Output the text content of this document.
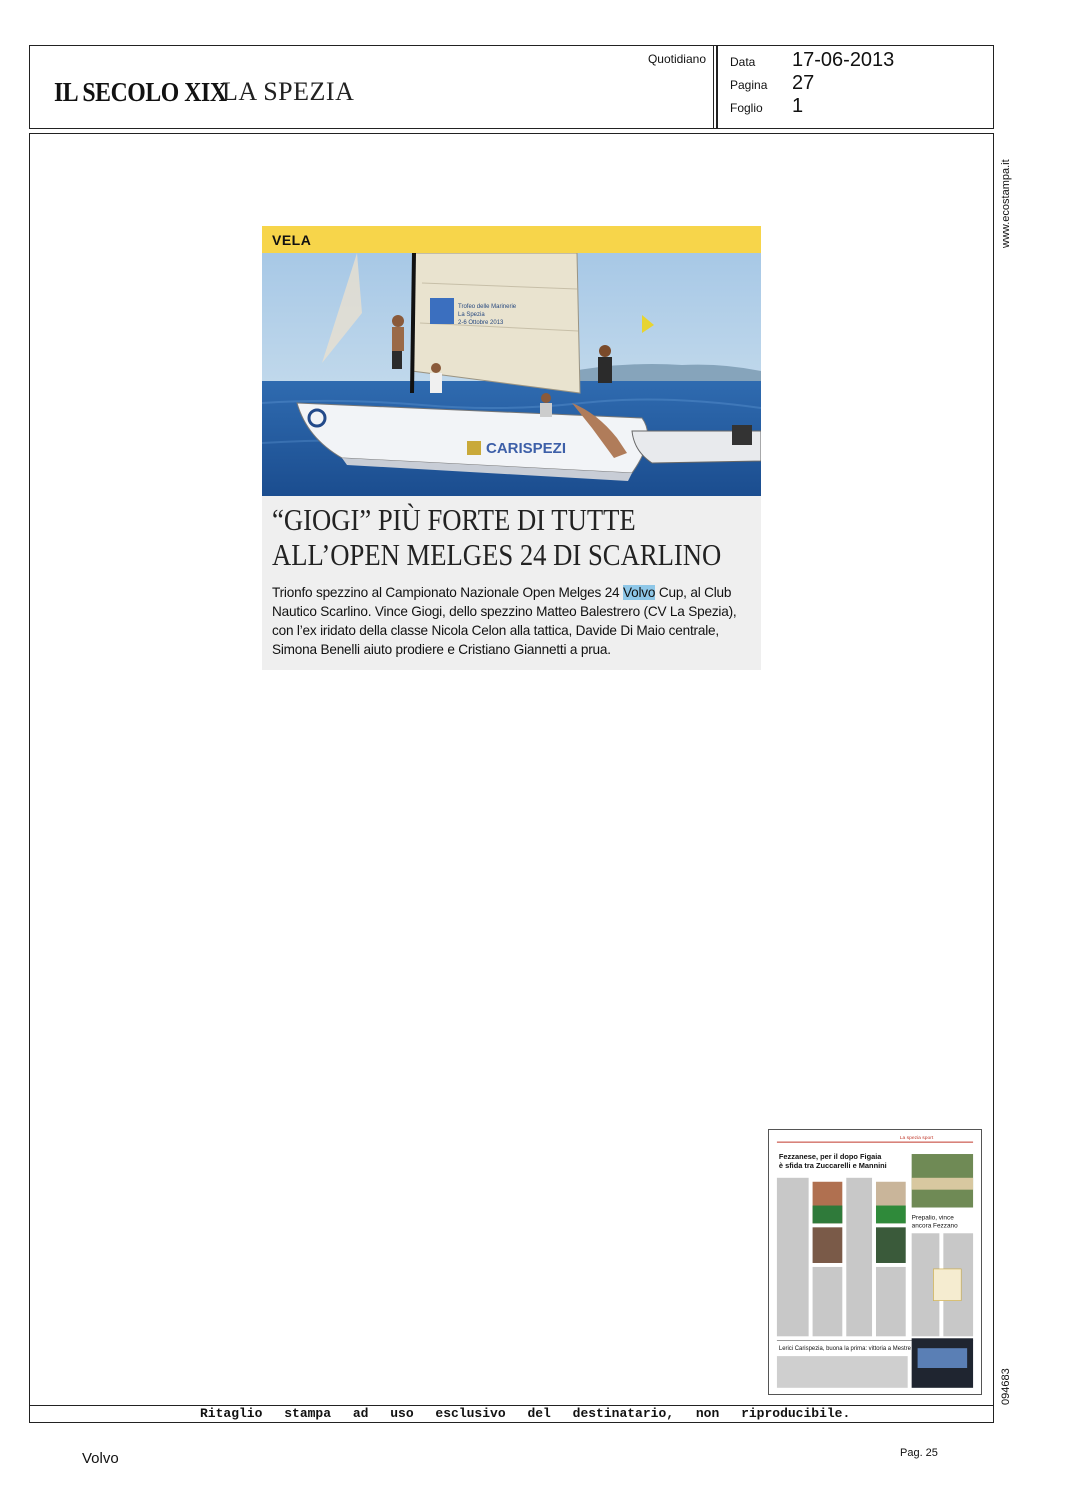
IL SECOLO XIX
LA SPEZIA
Quotidiano Data 17-06-2013
Pagina 27
Foglio 1
Ritaglio stampa ad uso esclusivo del destinatario, non riproducibile.
www.ecostampa.it
094683
VELA
Trofeo delle Marinerie
La Spezia
2-6 Ottobre 2013
CARISPEZI
“GIOGI” PIÙ FORTE DI TUTTE
ALL’OPEN MELGES 24 DI SCARLINO
Trionfo spezzino al Campionato Nazionale Open Melges 24 Volvo Cup, al Club Nautico Scarlino. Vince Giogi, dello spezzino Matteo Balestrero (CV La Spezia), con l’ex iridato della classe Nicola Celon alla tattica, Davide Di Maio centrale, Simona Benelli aiuto prodiere e Cristiano Giannetti a prua.
La spezia sport
Fezzanese, per il dopo Figaia
è sfida tra Zuccarelli e Mannini
Prepalio, vince
ancora Fezzano
Lerici Carispezia, buona la prima: vittoria a Mestre
Volvo	Pag. 25
